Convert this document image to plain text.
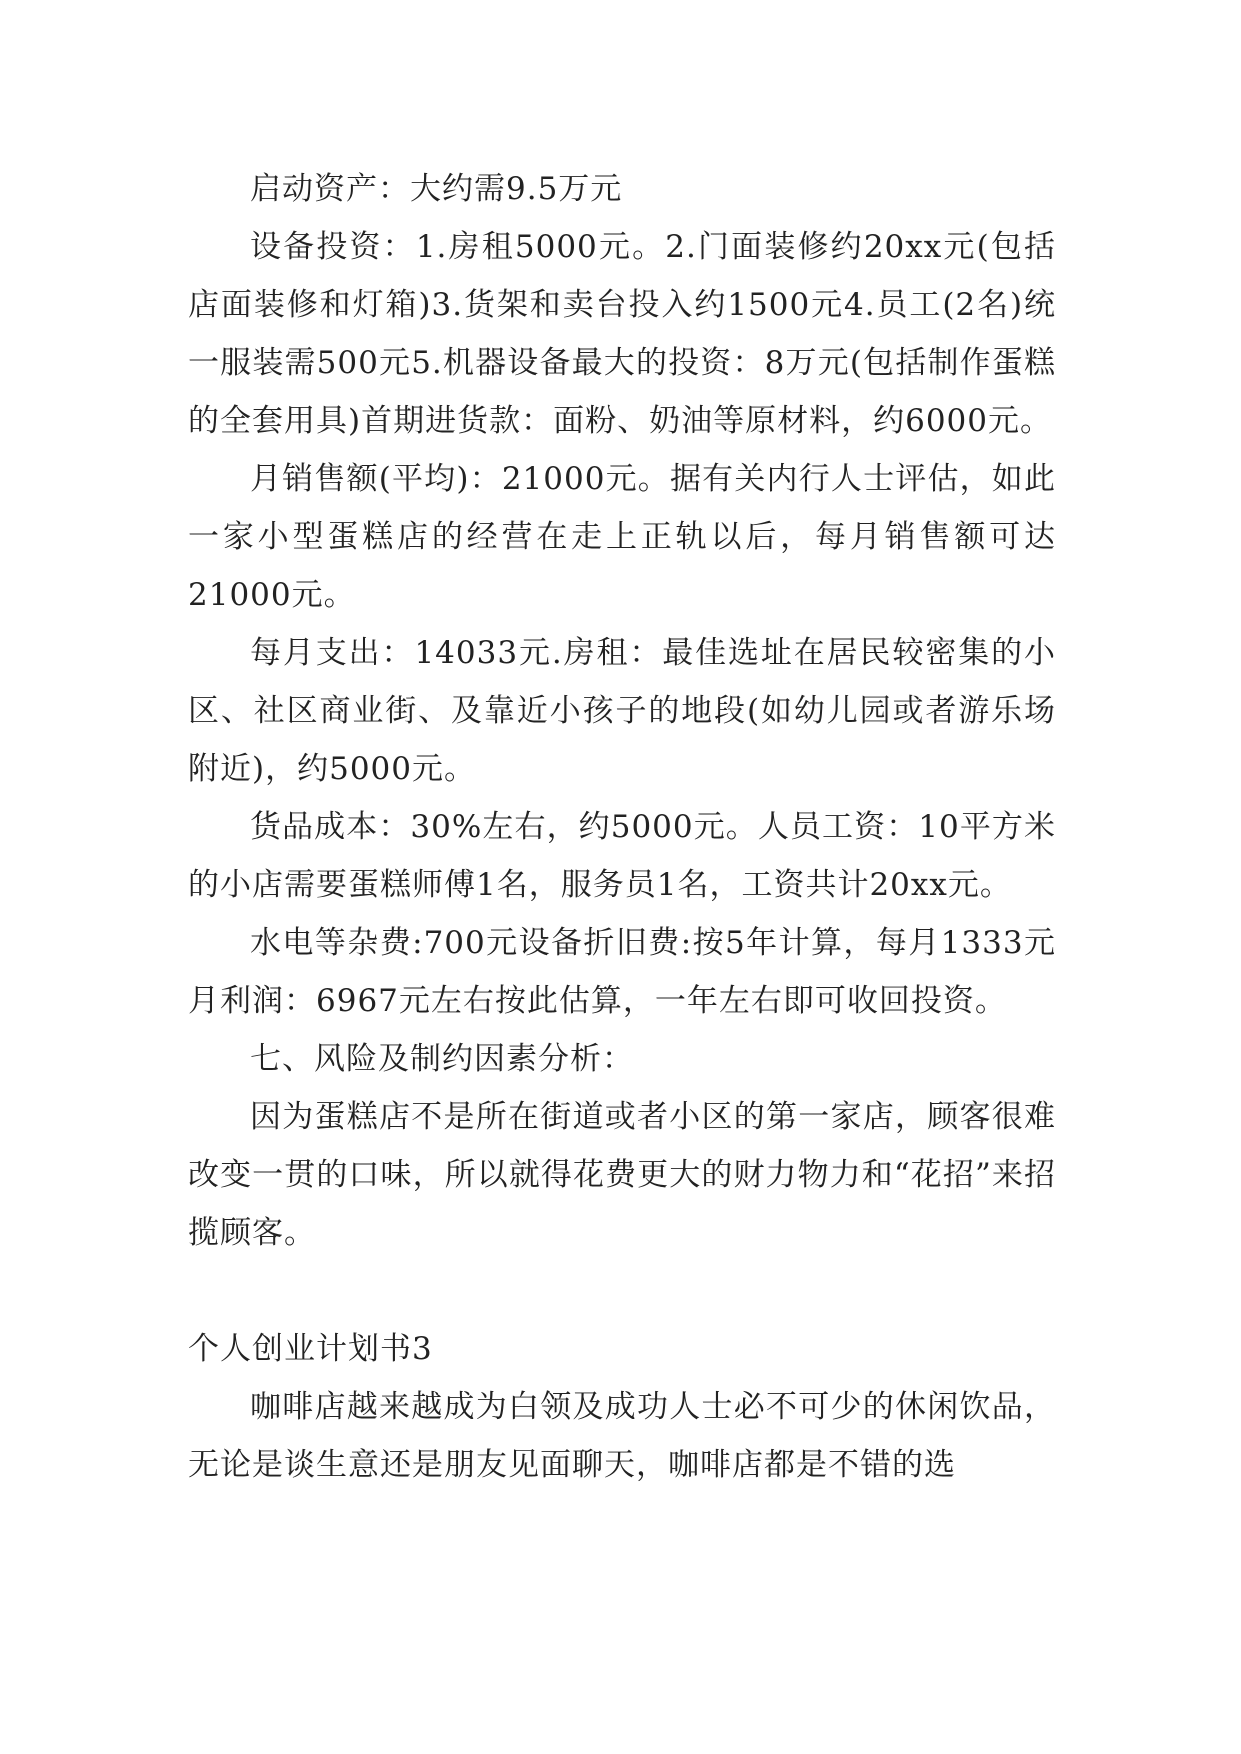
启动资产：大约需9.5万元

设备投资：1.房租5000元。2.门面装修约20xx元(包括店面装修和灯箱)3.货架和卖台投入约1500元4.员工(2名)统一服装需500元5.机器设备最大的投资：8万元(包括制作蛋糕的全套用具)首期进货款：面粉、奶油等原材料，约6000元。

月销售额(平均)：21000元。据有关内行人士评估，如此一家小型蛋糕店的经营在走上正轨以后，每月销售额可达21000元。

每月支出：14033元.房租：最佳选址在居民较密集的小区、社区商业街、及靠近小孩子的地段(如幼儿园或者游乐场附近)，约5000元。

货品成本：30%左右，约5000元。人员工资：10平方米的小店需要蛋糕师傅1名，服务员1名，工资共计20xx元。

水电等杂费:700元设备折旧费:按5年计算，每月1333元月利润：6967元左右按此估算，一年左右即可收回投资。

七、风险及制约因素分析：

因为蛋糕店不是所在街道或者小区的第一家店，顾客很难改变一贯的口味，所以就得花费更大的财力物力和“花招”来招揽顾客。

个人创业计划书3

咖啡店越来越成为白领及成功人士必不可少的休闲饮品，无论是谈生意还是朋友见面聊天，咖啡店都是不错的选
